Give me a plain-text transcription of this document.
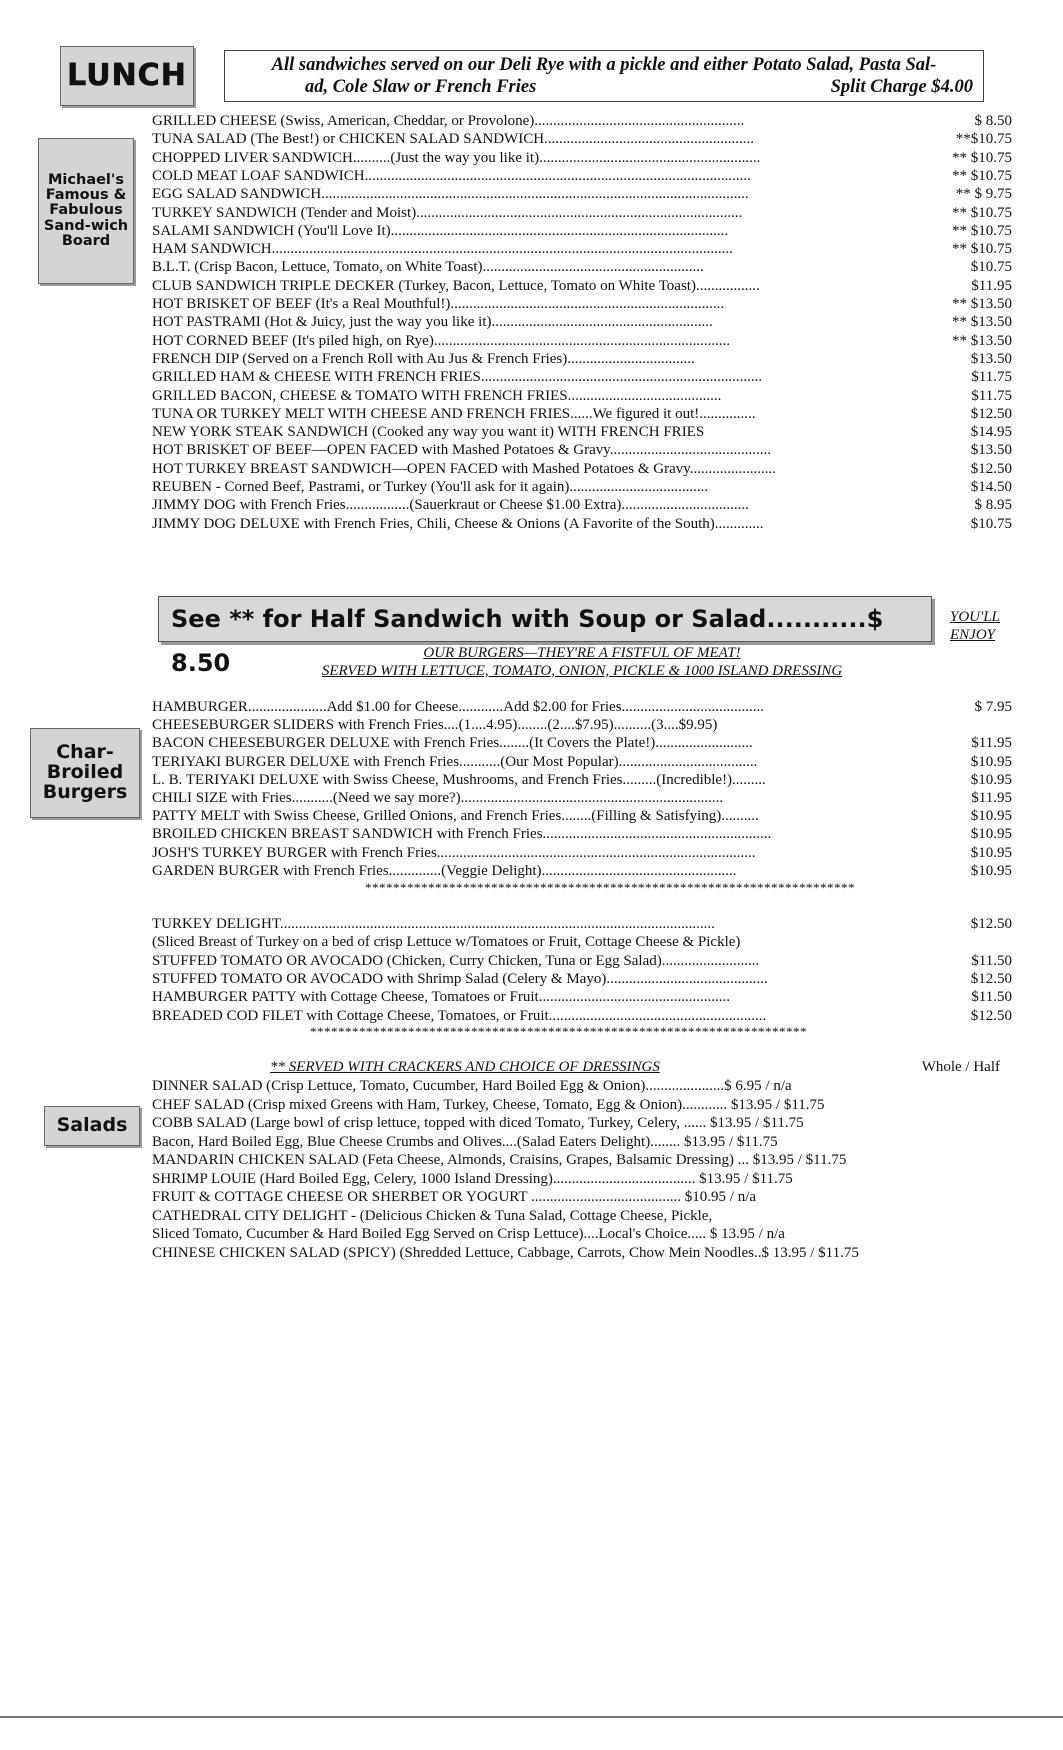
LUNCH	All sandwiches served on our Deli Rye with a pickle and either Potato Salad, Pasta Sal-
ad, Cole Slaw or French Fries	Split Charge $4.00
Michael's Famous & Fabulous Sand-wich Board
GRILLED CHEESE (Swiss, American, Cheddar, or Provolone)........................................................	$ 8.50
TUNA SALAD (The Best!) or CHICKEN SALAD SANDWICH........................................................	**$10.75
CHOPPED LIVER SANDWICH..........(Just the way you like it)...........................................................	** $10.75
COLD MEAT LOAF SANDWICH.......................................................................................................	** $10.75
EGG SALAD SANDWICH..................................................................................................................	** $ 9.75
TURKEY SANDWICH (Tender and Moist).......................................................................................	** $10.75
SALAMI SANDWICH (You'll Love It)..........................................................................................	** $10.75
HAM SANDWICH...........................................................................................................................	** $10.75
B.L.T. (Crisp Bacon, Lettuce, Tomato, on White Toast)...........................................................	$10.75
CLUB SANDWICH TRIPLE DECKER (Turkey, Bacon, Lettuce, Tomato on White Toast).................	$11.95
HOT BRISKET OF BEEF (It's a Real Mouthful!).........................................................................	** $13.50
HOT PASTRAMI (Hot & Juicy, just the way you like it)...........................................................	** $13.50
HOT CORNED BEEF (It's piled high, on Rye)...............................................................................	** $13.50
FRENCH DIP (Served on a French Roll with Au Jus & French Fries)..................................	$13.50
GRILLED HAM & CHEESE WITH FRENCH FRIES...........................................................................	$11.75
GRILLED BACON, CHEESE & TOMATO WITH FRENCH FRIES.........................................	$11.75
TUNA OR TURKEY MELT WITH CHEESE AND FRENCH FRIES......We figured it out!...............	$12.50
NEW YORK STEAK SANDWICH (Cooked any way you want it) WITH FRENCH FRIES	$14.95
HOT BRISKET OF BEEF—OPEN FACED with Mashed Potatoes & Gravy...........................................	$13.50
HOT TURKEY BREAST SANDWICH—OPEN FACED with Mashed Potatoes & Gravy.......................	$12.50
REUBEN - Corned Beef, Pastrami, or Turkey (You'll ask for it again).....................................	$14.50
JIMMY DOG with French Fries.................(Sauerkraut or Cheese $1.00 Extra)..................................	$ 8.95
JIMMY DOG DELUXE with French Fries, Chili, Cheese & Onions (A Favorite of the South).............	$10.75
See ** for Half Sandwich with Soup or Salad...........$ 8.50
YOU'LL
ENJOY
OUR BURGERS—THEY'RE A FISTFUL OF MEAT!
SERVED WITH LETTUCE, TOMATO, ONION, PICKLE & 1000 ISLAND DRESSING
Char-Broiled Burgers
HAMBURGER.....................Add $1.00 for Cheese............Add $2.00 for Fries......................................	$ 7.95
CHEESEBURGER SLIDERS with French Fries....(1....4.95)........(2....$7.95)..........(3....$9.95)
BACON CHEESEBURGER DELUXE with French Fries........(It Covers the Plate!)..........................	$11.95
TERIYAKI BURGER DELUXE with French Fries...........(Our Most Popular).....................................	$10.95
L. B. TERIYAKI DELUXE with Swiss Cheese, Mushrooms, and French Fries.........(Incredible!).........	$10.95
CHILI SIZE with Fries...........(Need we say more?)......................................................................	$11.95
PATTY MELT with Swiss Cheese, Grilled Onions, and French Fries........(Filling & Satisfying)..........	$10.95
BROILED CHICKEN BREAST SANDWICH with French Fries.............................................................	$10.95
JOSH'S TURKEY BURGER with French Fries.....................................................................................	$10.95
GARDEN BURGER with French Fries..............(Veggie Delight)....................................................	$10.95
**********************************************************************
TURKEY DELIGHT....................................................................................................................	$12.50
(Sliced Breast of Turkey on a bed of crisp Lettuce w/Tomatoes or Fruit, Cottage Cheese & Pickle)
STUFFED TOMATO OR AVOCADO (Chicken, Curry Chicken, Tuna or Egg Salad)..........................	$11.50
STUFFED TOMATO OR AVOCADO with Shrimp Salad (Celery & Mayo)...........................................	$12.50
HAMBURGER PATTY with Cottage Cheese, Tomatoes or Fruit...................................................	$11.50
BREADED COD FILET with Cottage Cheese, Tomatoes, or Fruit..........................................................	$12.50
***********************************************************************
** SERVED WITH CRACKERS AND CHOICE OF DRESSINGS	Whole / Half
Salads
DINNER SALAD (Crisp Lettuce, Tomato, Cucumber, Hard Boiled Egg & Onion).....................$ 6.95 / n/a
CHEF SALAD (Crisp mixed Greens with Ham, Turkey, Cheese, Tomato, Egg & Onion)............ $13.95 / $11.75
COBB SALAD (Large bowl of crisp lettuce, topped with diced Tomato, Turkey, Celery, ...... $13.95 / $11.75
Bacon, Hard Boiled Egg, Blue Cheese Crumbs and Olives....(Salad Eaters Delight)........ $13.95 / $11.75
MANDARIN CHICKEN SALAD (Feta Cheese, Almonds, Craisins, Grapes, Balsamic Dressing) ... $13.95 / $11.75
SHRIMP LOUIE (Hard Boiled Egg, Celery, 1000 Island Dressing)...................................... $13.95 / $11.75
FRUIT & COTTAGE CHEESE OR SHERBET OR YOGURT ........................................ $10.95 / n/a
CATHEDRAL CITY DELIGHT - (Delicious Chicken & Tuna Salad, Cottage Cheese, Pickle,
Sliced Tomato, Cucumber & Hard Boiled Egg Served on Crisp Lettuce)....Local's Choice..... $ 13.95 / n/a
CHINESE CHICKEN SALAD (SPICY) (Shredded Lettuce, Cabbage, Carrots, Chow Mein Noodles..$ 13.95 / $11.75
